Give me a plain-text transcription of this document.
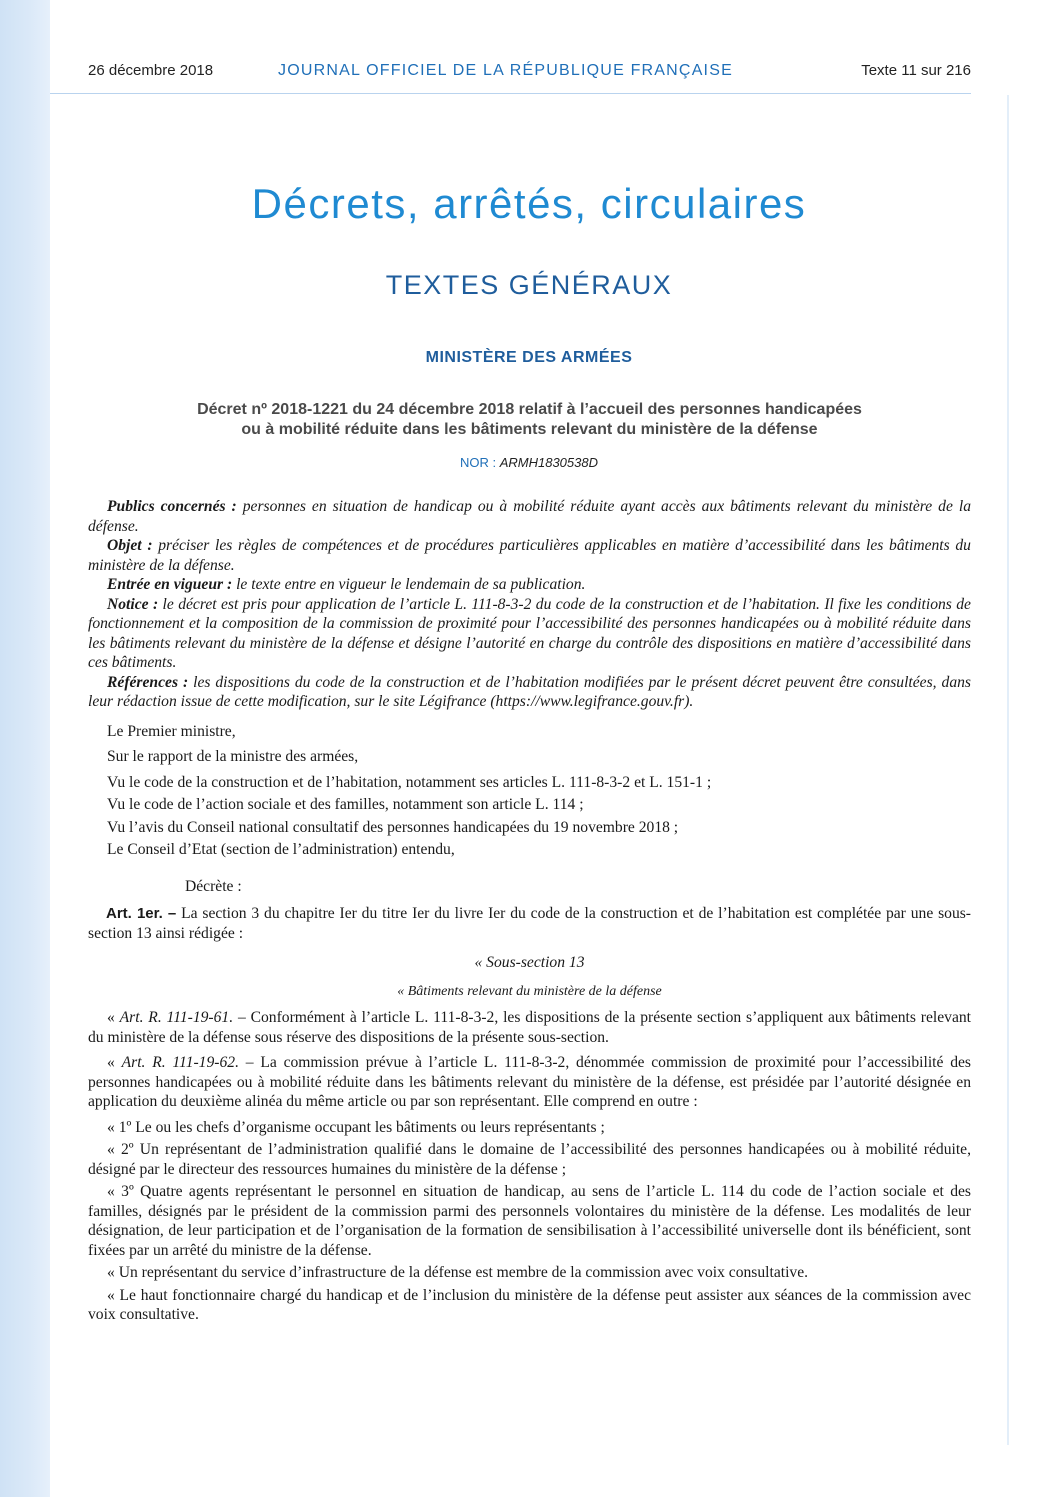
26 décembre 2018	JOURNAL OFFICIEL DE LA RÉPUBLIQUE FRANÇAISE	Texte 11 sur 216
Décrets, arrêtés, circulaires
TEXTES GÉNÉRAUX
MINISTÈRE DES ARMÉES
Décret nº 2018-1221 du 24 décembre 2018 relatif à l’accueil des personnes handicapées
ou à mobilité réduite dans les bâtiments relevant du ministère de la défense
NOR : ARMH1830538D

Publics concernés : personnes en situation de handicap ou à mobilité réduite ayant accès aux bâtiments relevant du ministère de la défense.

Objet : préciser les règles de compétences et de procédures particulières applicables en matière d’accessibilité dans les bâtiments du ministère de la défense.

Entrée en vigueur : le texte entre en vigueur le lendemain de sa publication.

Notice : le décret est pris pour application de l’article L. 111-8-3-2 du code de la construction et de l’habitation. Il fixe les conditions de fonctionnement et la composition de la commission de proximité pour l’accessibilité des personnes handicapées ou à mobilité réduite dans les bâtiments relevant du ministère de la défense et désigne l’autorité en charge du contrôle des dispositions en matière d’accessibilité dans ces bâtiments.

Références : les dispositions du code de la construction et de l’habitation modifiées par le présent décret peuvent être consultées, dans leur rédaction issue de cette modification, sur le site Légifrance (https://www.legifrance.gouv.fr).

Le Premier ministre,

Sur le rapport de la ministre des armées,

Vu le code de la construction et de l’habitation, notamment ses articles L. 111-8-3-2 et L. 151-1 ;

Vu le code de l’action sociale et des familles, notamment son article L. 114 ;

Vu l’avis du Conseil national consultatif des personnes handicapées du 19 novembre 2018 ;

Le Conseil d’Etat (section de l’administration) entendu,

Décrète :

Art. 1er. – La section 3 du chapitre Ier du titre Ier du livre Ier du code de la construction et de l’habitation est complétée par une sous-section 13 ainsi rédigée :

« Sous-section 13

« Bâtiments relevant du ministère de la défense

« Art. R. 111-19-61. – Conformément à l’article L. 111-8-3-2, les dispositions de la présente section s’appliquent aux bâtiments relevant du ministère de la défense sous réserve des dispositions de la présente sous-section.

« Art. R. 111-19-62. – La commission prévue à l’article L. 111-8-3-2, dénommée commission de proximité pour l’accessibilité des personnes handicapées ou à mobilité réduite dans les bâtiments relevant du ministère de la défense, est présidée par l’autorité désignée en application du deuxième alinéa du même article ou par son représentant. Elle comprend en outre :

« 1º Le ou les chefs d’organisme occupant les bâtiments ou leurs représentants ;

« 2º Un représentant de l’administration qualifié dans le domaine de l’accessibilité des personnes handicapées ou à mobilité réduite, désigné par le directeur des ressources humaines du ministère de la défense ;

« 3º Quatre agents représentant le personnel en situation de handicap, au sens de l’article L. 114 du code de l’action sociale et des familles, désignés par le président de la commission parmi des personnels volontaires du ministère de la défense. Les modalités de leur désignation, de leur participation et de l’organisation de la formation de sensibilisation à l’accessibilité universelle dont ils bénéficient, sont fixées par un arrêté du ministre de la défense.

« Un représentant du service d’infrastructure de la défense est membre de la commission avec voix consultative.

« Le haut fonctionnaire chargé du handicap et de l’inclusion du ministère de la défense peut assister aux séances de la commission avec voix consultative.
